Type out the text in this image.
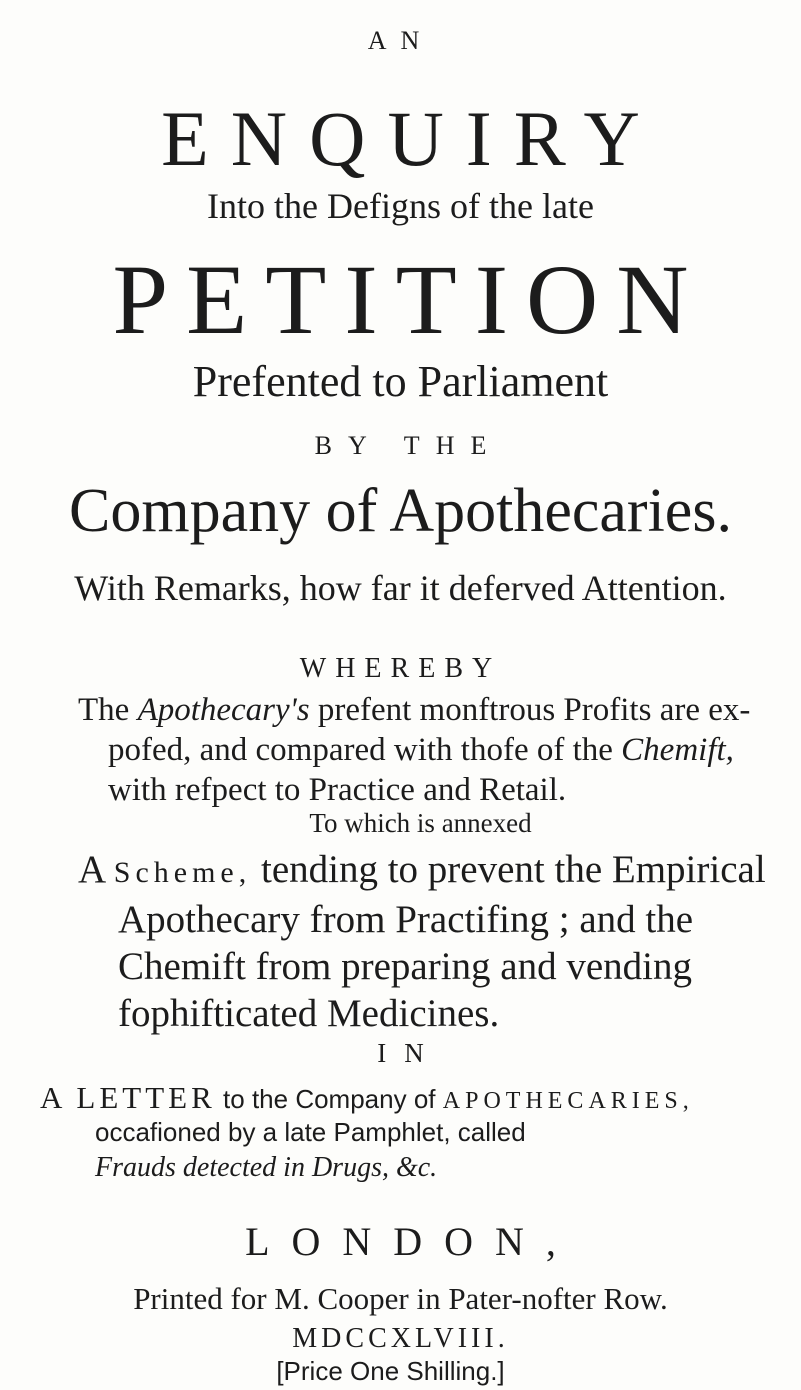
AN
ENQUIRY
Into the Defigns of the late
PETITION
Prefented to Parliament
BY THE
Company of Apothecaries.
With Remarks, how far it deferved Attention.
WHEREBY
The Apothecary's prefent monftrous Profits are ex-
pofed, and compared with thofe of the Chemift,
with refpect to Practice and Retail.
To which is annexed
A Scheme, tending to prevent the Empirical
Apothecary from Practifing ; and the
Chemift from preparing and vending
fophifticated Medicines.
IN
A LETTER to the Company of APOTHECARIES,
occafioned by a late Pamphlet, called
Frauds detected in Drugs, &c.
LONDON,
Printed for M. Cooper in Pater-nofter Row.
MDCCXLVIII.
[Price One Shilling.]
